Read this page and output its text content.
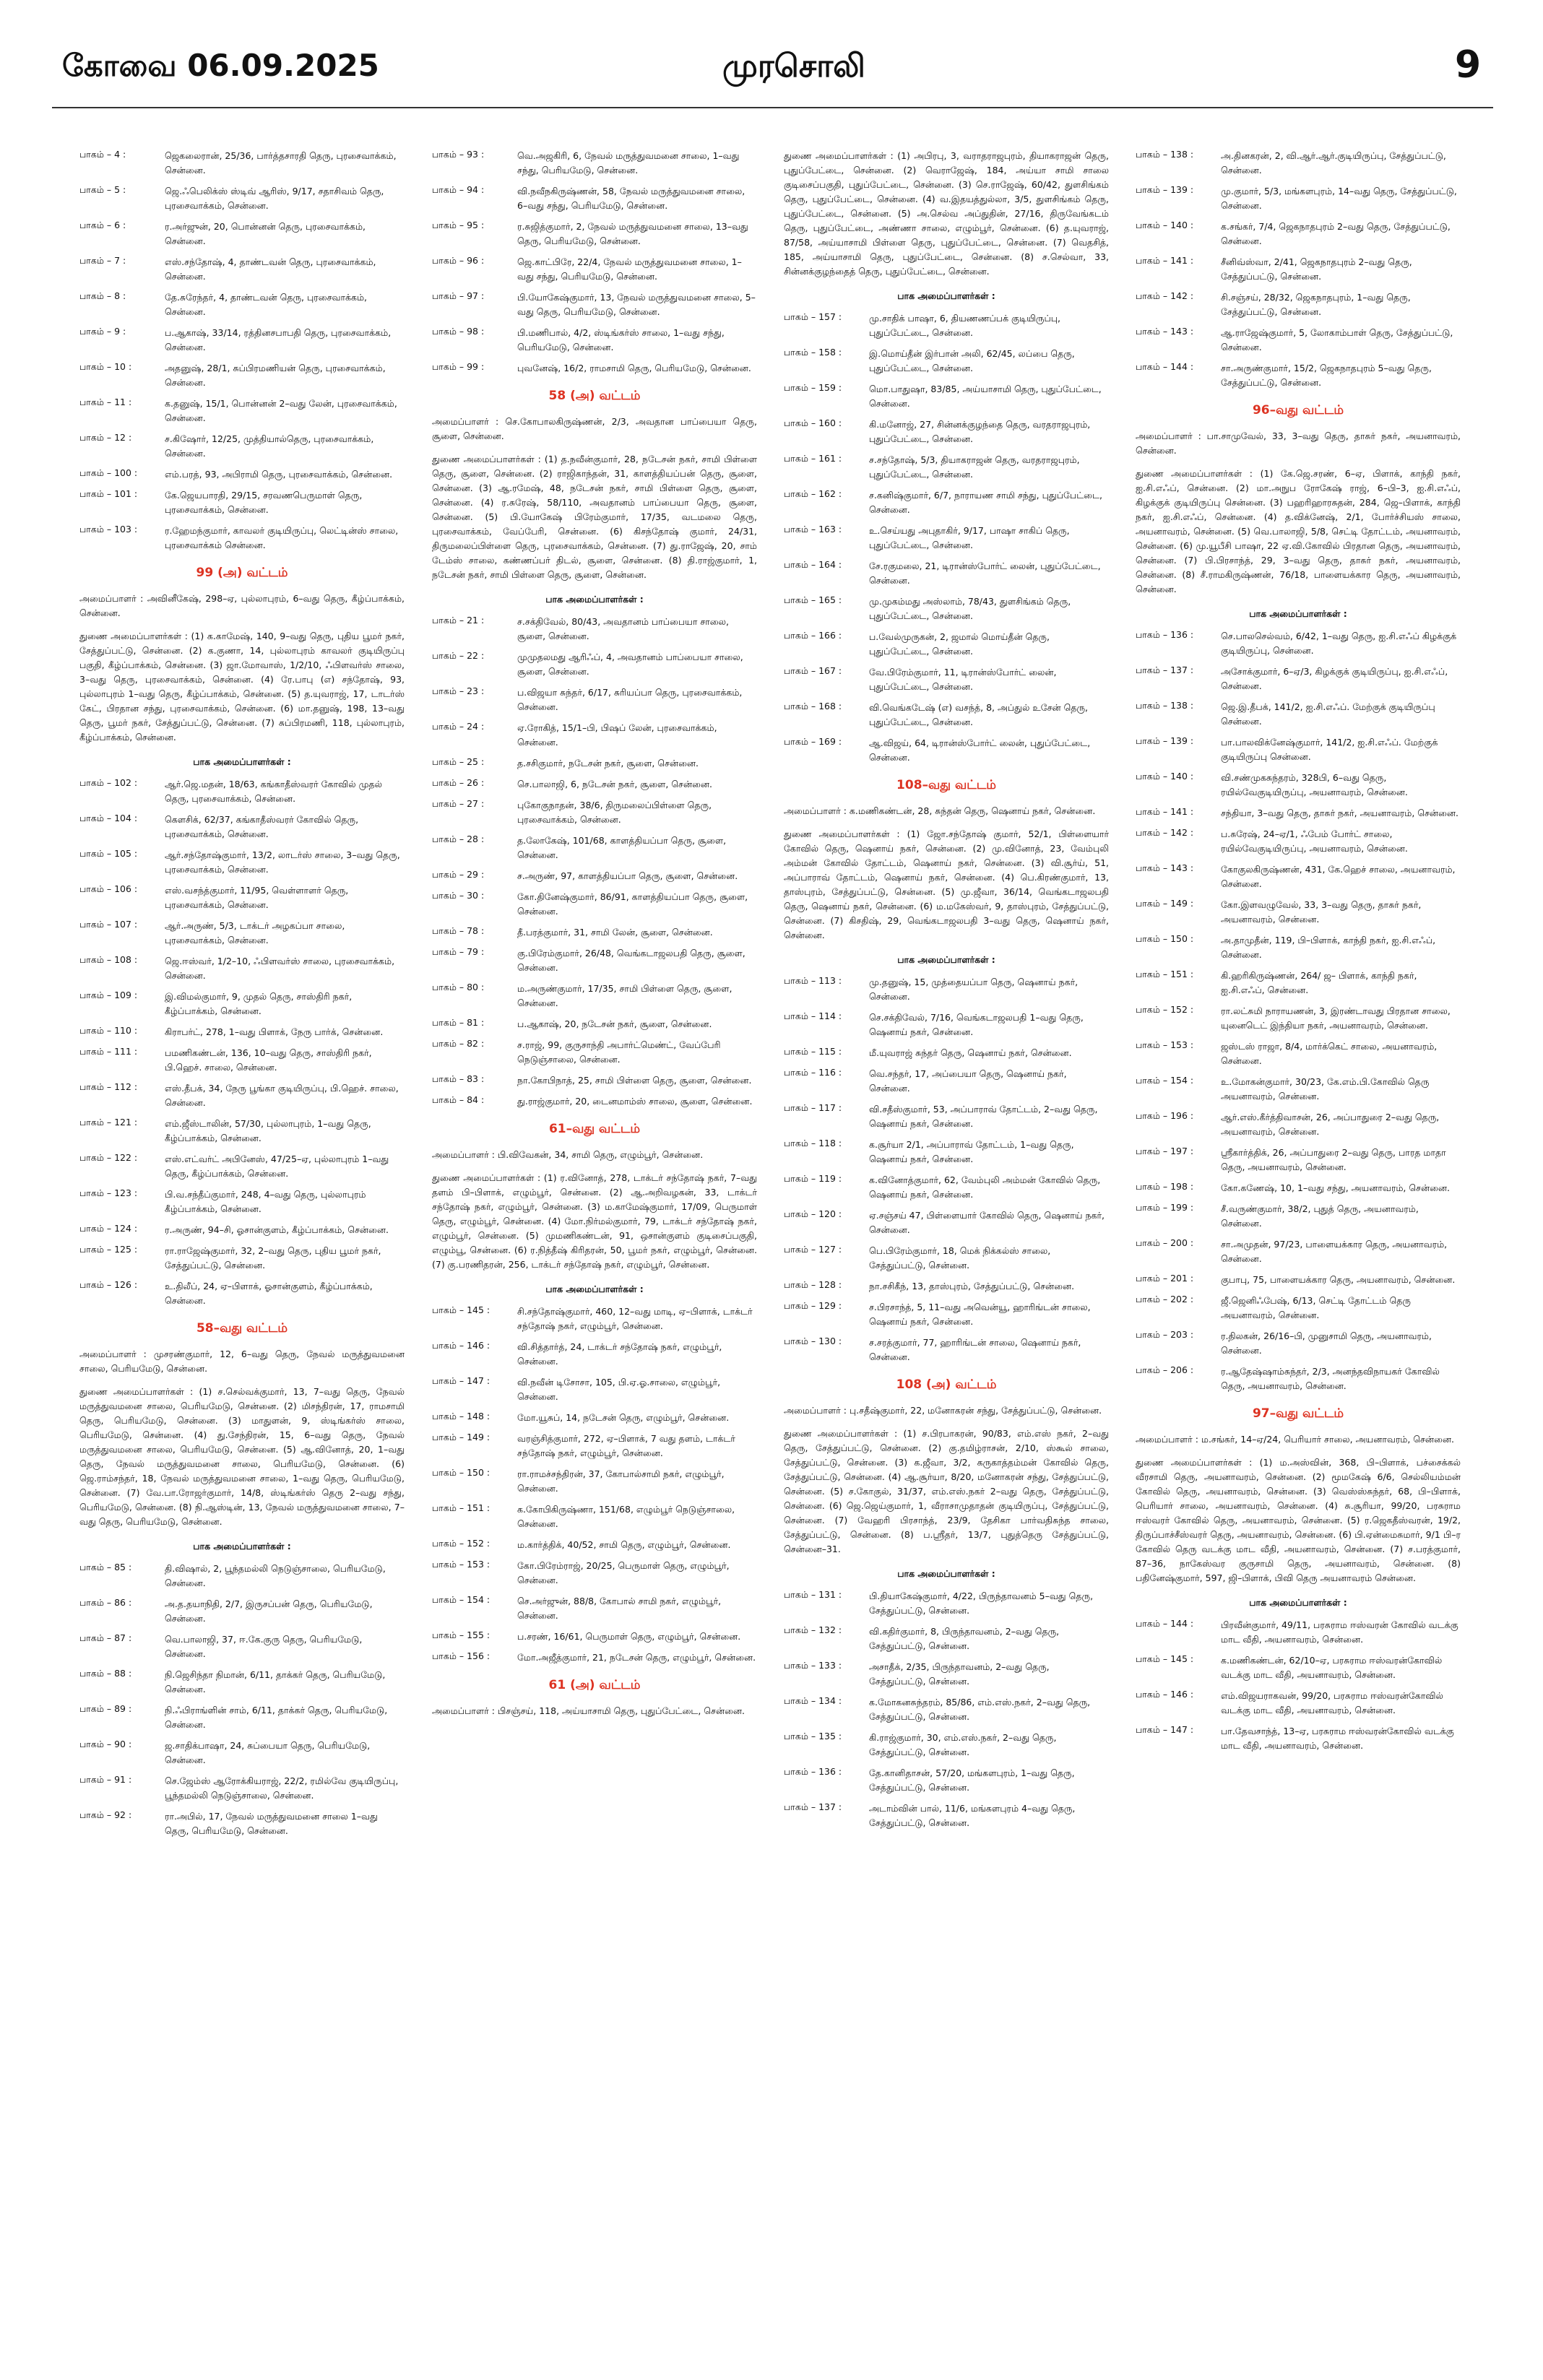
கோவை 06.09.2025	முரசொலி	9
பாகம் – 4 :	ஜெகலைரான், 25/36, பார்த்தசாரதி தெரு, புரசைவாக்கம், சென்னை.
பாகம் – 5 :	ஜெ.ஃபெலிக்ஸ் ஸ்டிவ் ஆரிஸ், 9/17, சதாசிவம் தெரு, புரசைவாக்கம், சென்னை.
பாகம் – 6 :	ர.அர்ஜுன், 20, பொன்னன் தெரு, புரசைவாக்கம், சென்னை.
பாகம் – 7 :	எஸ்.சந்தோஷ், 4, தாண்டவன் தெரு, புரசைவாக்கம், சென்னை.
பாகம் – 8 :	தே.சுரேந்தர், 4, தாண்டவன் தெரு, புரசைவாக்கம், சென்னை.
பாகம் – 9 :	ப.ஆகாஷ், 33/14, ரத்தினசபாபதி தெரு, புரசைவாக்கம், சென்னை.
பாகம் – 10 :	அதனுஷ், 28/1, சுப்பிரமணியன் தெரு, புரசைவாக்கம், சென்னை.
பாகம் – 11 :	க.தனுஷ், 15/1, பொன்னன் 2–வது லேன், புரசைவாக்கம், சென்னை.
பாகம் – 12 :	ச.கிஷோர், 12/25, முத்தியால்தெரு, புரசைவாக்கம், சென்னை.
பாகம் – 100 :	எம்.பரத், 93, அபிராமி தெரு, புரசைவாக்கம், சென்னை.
பாகம் – 101 :	கே.ஜெயபாரதி, 29/15, சரவணபெருமாள் தெரு, புரசைவாக்கம், சென்னை.
பாகம் – 103 :	ர.ஹேமந்குமார், காவலர் குடியிருப்பு, லெட்டின்ஸ் சாலை, புரசைவாக்கம் சென்னை.
99 (அ) வட்டம்
அமைப்பாளர் : அவினீகேஷ், 298–ஏ, புல்லாபுரம், 6–வது தெரு, கீழ்ப்பாக்கம், சென்னை.
துணை அமைப்பாளர்கள் : (1) க.காமேஷ், 140, 9–வது தெரு, புதிய பூமர் நகர், சேத்துப்பட்டு, சென்னை. (2) க.குணா, 14, புல்லாபுரம் காவலர் குடியிருப்பு பகுதி, கீழ்ப்பாக்கம், சென்னை. (3) ஜா.மோவாஸ், 1/2/10, ஃபிளவர்ஸ் சாலை, 3–வது தெரு, புரசைவாக்கம், சென்னை. (4) ரே.பாபு (எ) சந்தோஷ், 93, புல்லாபுரம் 1–வது தெரு, கீழ்ப்பாக்கம், சென்னை. (5) த.யுவராஜ், 17, டாடர்ஸ் கேட், பிரதான சந்து, புரசைவாக்கம், சென்னை. (6) மா.தனுஷ், 198, 13–வது தெரு, பூமர் நகர், சேத்துப்பட்டு, சென்னை. (7) சுப்பிரமணி, 118, புல்லாபுரம், கீழ்ப்பாக்கம், சென்னை.
பாக அமைப்பாளர்கள் :
பாகம் – 102 :	ஆர்.ஜெ.மதன், 18/63, கங்காதீஸ்வரர் கோவில் முதல் தெரு, புரசைவாக்கம், சென்னை.
பாகம் – 104 :	கௌசிக், 62/37, கங்காதீஸ்வரர் கோவில் தெரு, புரசைவாக்கம், சென்னை.
பாகம் – 105 :	ஆர்.சந்தோஷ்குமார், 13/2, லாடர்ஸ் சாலை, 3–வது தெரு, புரசைவாக்கம், சென்னை.
பாகம் – 106 :	எஸ்.வசந்த்குமார், 11/95, வெள்ளாளர் தெரு, புரசைவாக்கம், சென்னை.
பாகம் – 107 :	ஆர்.அருண், 5/3, டாக்டர் அழகப்பா சாலை, புரசைவாக்கம், சென்னை.
பாகம் – 108 :	ஜெ.ஈஸ்வர், 1/2–10, ஃபிளவர்ஸ் சாலை, புரசைவாக்கம், சென்னை.
பாகம் – 109 :	இ.விமல்குமார், 9, முதல் தெரு, சாஸ்திரி நகர், கீழ்ப்பாக்கம், சென்னை.
பாகம் – 110 :	கிராபர்ட், 278, 1–வது பிளாக், நேரு பார்க், சென்னை.
பாகம் – 111 :	பமணிகண்டன், 136, 10–வது தெரு, சாஸ்திரி நகர், பி.ஹெச். சாலை, சென்னை.
பாகம் – 112 :	எஸ்.தீபக், 34, நேரு பூங்கா குடியிருப்பு, பி.ஹெச். சாலை, சென்னை.
பாகம் – 121 :	எம்.ஜீஸ்டாலின், 57/30, புல்லாபுரம், 1–வது தெரு, கீழ்ப்பாக்கம், சென்னை.
பாகம் – 122 :	எஸ்.எட்வர்ட் அபினேஸ், 47/25–ஏ, புல்லாபுரம் 1–வது தெரு, கீழ்ப்பாக்கம், சென்னை.
பாகம் – 123 :	பி.வ.சந்தீப்குமார், 248, 4–வது தெரு, புல்லாபுரம் கீழ்ப்பாக்கம், சென்னை.
பாகம் – 124 :	ர.அருண், 94–சி, ஓசான்குளம், கீழ்ப்பாக்கம், சென்னை.
பாகம் – 125 :	ரா.ராஜேஷ்குமார், 32, 2–வது தெரு, புதிய பூமர் நகர், சேத்துப்பட்டு, சென்னை.
பாகம் – 126 :	உ.திலீப், 24, ஏ–பிளாக், ஓசான்குளம், கீழ்ப்பாக்கம், சென்னை.
58–வது வட்டம்
அமைப்பாளர் : முசரண்குமார், 12, 6–வது தெரு, நேவல் மருத்துவமனை சாலை, பெரியமேடு, சென்னை.
துணை அமைப்பாளர்கள் : (1) ச.செல்வக்குமார், 13, 7–வது தெரு, நேவல் மருத்துவமனை சாலை, பெரியமேடு, சென்னை. (2) மிசந்திரன், 17, ராமசாமி தெரு, பெரியமேடு, சென்னை. (3) மாதுளன், 9, ஸ்டிங்கர்ஸ் சாலை, பெரியமேடு, சென்னை. (4) து.சேந்திரன், 15, 6–வது தெரு, நேவல் மருத்துவமனை சாலை, பெரியமேடு, சென்னை. (5) ஆ.வினோத், 20, 1–வது தெரு, நேவல் மருத்துவமனை சாலை, பெரியமேடு, சென்னை. (6) ஜெ.ராம்சந்தர், 18, நேவல் மருத்துவமனை சாலை, 1–வது தெரு, பெரியமேடு, சென்னை. (7) வே.பா.ரோஜர்குமார், 14/8, ஸ்டிங்கர்ஸ் தெரு 2–வது சந்து, பெரியமேடு, சென்னை. (8) நி.ஆஸ்டின், 13, நேவல் மருத்துவமனை சாலை, 7–வது தெரு, பெரியமேடு, சென்னை.
பாக அமைப்பாளர்கள் :
பாகம் – 85 :	தி.விஷால், 2, பூந்தமல்லி நெடுஞ்சாலை, பெரியமேடு, சென்னை.
பாகம் – 86 :	அ.த.தயாநிதி, 2/7, இருசப்பன் தெரு, பெரியமேடு, சென்னை.
பாகம் – 87 :	வெ.பாலாஜி, 37, ஈ.கே.குரு தெரு, பெரியமேடு, சென்னை.
பாகம் – 88 :	நி.ஜெசிந்தா நிமான், 6/11, தாக்கர் தெரு, பெரியமேடு, சென்னை.
பாகம் – 89 :	நி.ஃபிராங்ளின் சாம், 6/11, தாக்கர் தெரு, பெரியமேடு, சென்னை.
பாகம் – 90 :	ஜ.சாதிக்பாஷா, 24, சுப்பையா தெரு, பெரியமேடு, சென்னை.
பாகம் – 91 :	செ.ஜேம்ஸ் ஆரோக்கியராஜ், 22/2, ரமில்வே குடியிருப்பு, பூந்தமல்லி நெடுஞ்சாலை, சென்னை.
பாகம் – 92 :	ரா.அபில், 17, நேவல் மருத்துவமனை சாலை 1–வது தெரு, பெரியமேடு, சென்னை.
பாகம் – 93 :	வெ.அஜகிரி, 6, நேவல் மருத்துவமனை சாலை, 1–வது சந்து, பெரியமேடு, சென்னை.
பாகம் – 94 :	வி.நவீநகிருஷ்ணன், 58, நேவல் மருத்துவமனை சாலை, 6–வது சந்து, பெரியமேடு, சென்னை.
பாகம் – 95 :	ர.சுஜித்குமார், 2, நேவல் மருத்துவமனை சாலை, 13–வது தெரு, பெரியமேடு, சென்னை.
பாகம் – 96 :	ஜெ.காட்பிரே, 22/4, நேவல் மருத்துவமனை சாலை, 1–வது சந்து, பெரியமேடு, சென்னை.
பாகம் – 97 :	பி.யோகேஷ்குமார், 13, நேவல் மருத்துவமனை சாலை, 5–வது தெரு, பெரியமேடு, சென்னை.
பாகம் – 98 :	பி.மணிபால், 4/2, ஸ்டிங்கர்ஸ் சாலை, 1–வது சந்து, பெரியமேடு, சென்னை.
பாகம் – 99 :	புவனேஷ், 16/2, ராமசாமி தெரு, பெரியமேடு, சென்னை.
58 (அ) வட்டம்
அமைப்பாளர் : செ.கோபாலகிருஷ்ணன், 2/3, அவதான பாப்பையா தெரு, சூளை, சென்னை.
துணை அமைப்பாளர்கள் : (1) த.நவீன்குமார், 28, நடேசன் நகர், சாமி பிள்ளை தெரு, சூளை, சென்னை. (2) ராஜிகாந்தன், 31, காளத்தியப்பன் தெரு, சூளை, சென்னை. (3) ஆ.ரமேஷ், 48, நடேசன் நகர், சாமி பிள்ளை தெரு, சூளை, சென்னை. (4) ர.சுரேஷ், 58/110, அவதானம் பாப்பையா தெரு, சூளை, சென்னை. (5) பி.யோகேஷ் பிரேம்குமார், 17/35, வடமலை தெரு, புரசைவாக்கம், வேப்பேரி, சென்னை. (6) கிசந்தோஷ் குமார், 24/31, திருமலைப்பிள்ளை தெரு, புரசைவாக்கம், சென்னை. (7) து.ராஜேஷ், 20, சாம் டேம்ஸ் சாலை, கண்ணப்பர் திடல், சூளை, சென்னை. (8) தி.ராஜ்குமார், 1, நடேசன் நகர், சாமி பிள்ளை தெரு, சூளை, சென்னை.
பாக அமைப்பாளர்கள் :
பாகம் – 21 :	ச.சக்திவேல், 80/43, அவதானம் பாப்பையா சாலை, சூளை, சென்னை.
பாகம் – 22 :	முமுதலமது ஆரிஃப், 4, அவதானம் பாப்பையா சாலை, சூளை, சென்னை.
பாகம் – 23 :	ப.விஜயா சுந்தர், 6/17, சுரியப்பா தெரு, புரசைவாக்கம், சென்னை.
பாகம் – 24 :	ஏ.ரோகித், 15/1–பி, பிஷப் லேன், புரசைவாக்கம், சென்னை.
பாகம் – 25 :	த.சசிகுமார், நடேசன் நகர், சூளை, சென்னை.
பாகம் – 26 :	செ.பாலாஜி, 6, நடேசன் நகர், சூளை, சென்னை.
பாகம் – 27 :	புகோகுநாதன், 38/6, திருமலைப்பிள்ளை தெரு, புரசைவாக்கம், சென்னை.
பாகம் – 28 :	த.லோகேஷ், 101/68, காளத்தியப்பா தெரு, சூளை, சென்னை.
பாகம் – 29 :	ச.அருண், 97, காளத்தியப்பா தெரு, சூளை, சென்னை.
பாகம் – 30 :	கோ.தினேஷ்குமார், 86/91, காளத்தியப்பா தெரு, சூளை, சென்னை.
பாகம் – 78 :	தீ.பரத்குமார், 31, சாமி லேன், சூளை, சென்னை.
பாகம் – 79 :	கு.பிரேம்குமார், 26/48, வெங்கடாஜலபதி தெரு, சூளை, சென்னை.
பாகம் – 80 :	ம.அருண்குமார், 17/35, சாமி பிள்ளை தெரு, சூளை, சென்னை.
பாகம் – 81 :	ப.ஆகாஷ், 20, நடேசன் நகர், சூளை, சென்னை.
பாகம் – 82 :	ச.ராஜ், 99, குருசாந்தி அபார்ட்மெண்ட், வேப்பேரி நெடுஞ்சாலை, சென்னை.
பாகம் – 83 :	நா.கோபிநாத், 25, சாமி பிள்ளை தெரு, சூளை, சென்னை.
பாகம் – 84 :	து.ராஜ்குமார், 20, டைனமாம்ஸ் சாலை, சூளை, சென்னை.
61–வது வட்டம்
அமைப்பாளர் : பி.விவேகன், 34, சாமி தெரு, எழும்பூர், சென்னை.
துணை அமைப்பாளர்கள் : (1) ர.வினோத், 278, டாக்டர் சந்தோஷ் நகர், 7–வது தளம் பி–பிளாக், எழும்பூர், சென்னை. (2) ஆ.அறிவழகன், 33, டாக்டர் சந்தோஷ் நகர், எழும்பூர், சென்னை. (3) ம.காமேஷ்குமார், 17/09, பெருமாள் தெரு, எழும்பூர், சென்னை. (4) மோ.நிர்மல்குமார், 79, டாக்டர் சந்தோஷ் நகர், எழும்பூர், சென்னை. (5) முமணிகண்டன், 91, ஒசான்குளம் குடிசைப்பகுதி, எழும்பூ, சென்னை. (6) ர.நித்தீஷ் கிரிதரன், 50, பூமர் நகர், எழும்பூர், சென்னை. (7) கு.பரணிதரன், 256, டாக்டர் சந்தோஷ் நகர், எழும்பூர், சென்னை.
பாக அமைப்பாளர்கள் :
பாகம் – 145 :	சி.சந்தோஷ்குமார், 460, 12–வது மாடி, ஏ–பிளாக், டாக்டர் சந்தோஷ் நகர், எழும்பூர், சென்னை.
பாகம் – 146 :	வி.சித்தார்த், 24, டாக்டர் சந்தோஷ் நகர், எழும்பூர், சென்னை.
பாகம் – 147 :	வி.நவீன் டிசோசா, 105, பி.ஏ.ஓ.சாலை, எழும்பூர், சென்னை.
பாகம் – 148 :	மோ.யூசுப், 14, நடேசன் தெரு, எழும்பூர், சென்னை.
பாகம் – 149 :	வரஞ்சித்குமார், 272, ஏ–பிளாக், 7 வது தளம், டாக்டர் சந்தோஷ் நகர், எழும்பூர், சென்னை.
பாகம் – 150 :	ரா.ராமச்சந்திரன், 37, கோபால்சாமி நகர், எழும்பூர், சென்னை.
பாகம் – 151 :	க.கோபிகிருஷ்ணா, 151/68, எழும்பூர் நெடுஞ்சாலை, சென்னை.
பாகம் – 152 :	ம.கார்த்திக், 40/52, சாமி தெரு, எழும்பூர், சென்னை.
பாகம் – 153 :	கோ.பிரேம்ராஜ், 20/25, பெருமாள் தெரு, எழும்பூர், சென்னை.
பாகம் – 154 :	செ.அர்ஜுன், 88/8, கோபால் சாமி நகர், எழும்பூர், சென்னை.
பாகம் – 155 :	ப.சரண், 16/61, பெருமாள் தெரு, எழும்பூர், சென்னை.
பாகம் – 156 :	மோ.அஜீத்குமார், 21, நடேசன் தெரு, எழும்பூர், சென்னை.
61 (அ) வட்டம்
அமைப்பாளர் : பிசஞ்சய், 118, அய்யாசாமி தெரு, புதுப்பேட்டை, சென்னை.
துணை அமைப்பாளர்கள் : (1) அபிரபு, 3, வராதராஜபுரம், தியாகராஜன் தெரு, புதுப்பேட்டை, சென்னை. (2) வெராஜேஷ், 184, அய்யா சாமி சாலை குடிசைப்பகுதி, புதுப்பேட்டை, சென்னை. (3) செ.ராஜேஷ், 60/42, துளசிங்கம் தெரு, புதுப்பேட்டை, சென்னை. (4) வ.இதயத்துல்லா, 3/5, துளசிங்கம் தெரு, புதுப்பேட்டை, சென்னை. (5) அ.செல்வ அப்துதின், 27/16, திருவேங்கடம் தெரு, புதுப்பேட்டை, அண்ணா சாலை, எழும்பூர், சென்னை. (6) த.யுவராஜ், 87/58, அய்யாசாமி பிள்ளை தெரு, புதுப்பேட்டை, சென்னை. (7) வெதசித், 185, அய்யாசாமி தெரு, புதுப்பேட்டை, சென்னை. (8) ச.செல்வா, 33, சின்னக்குழந்தைத் தெரு, புதுப்பேட்டை, சென்னை.
பாக அமைப்பாளர்கள் :
பாகம் – 157 :	மு.சாதிக் பாஷா, 6, தியணணப்பக் குடியிருப்பு, புதுப்பேட்டை, சென்னை.
பாகம் – 158 :	இ.மொய்தீன் இர்பான் அலி, 62/45, லப்பை தெரு, புதுப்பேட்டை, சென்னை.
பாகம் – 159 :	மொ.பாதுஷா, 83/85, அய்யாசாமி தெரு, புதுப்பேட்டை, சென்னை.
பாகம் – 160 :	கி.மனோஜ், 27, சின்னக்குழந்தை தெரு, வரதராஜபுரம், புதுப்பேட்டை, சென்னை.
பாகம் – 161 :	ச.சந்தோஷ், 5/3, தியாகராஜன் தெரு, வரதராஜபுரம், புதுப்பேட்டை, சென்னை.
பாகம் – 162 :	ச.கனிஷ்குமார், 6/7, நாராயண சாமி சந்து, புதுப்பேட்டை, சென்னை.
பாகம் – 163 :	உ.செய்யது அபுதாகிர், 9/17, பாஷா சாகிப் தெரு, புதுப்பேட்டை, சென்னை.
பாகம் – 164 :	சே.ரகுமலை, 21, டிரான்ஸ்போர்ட் லைன், புதுப்பேட்டை, சென்னை.
பாகம் – 165 :	மு.முகம்மது அஸ்லாம், 78/43, துளசிங்கம் தெரு, புதுப்பேட்டை, சென்னை.
பாகம் – 166 :	ப.வேல்முருகன், 2, ஜமால் மொய்தீன் தெரு, புதுப்பேட்டை, சென்னை.
பாகம் – 167 :	வே.பிரேம்குமார், 11, டிரான்ஸ்போர்ட் லைன், புதுப்பேட்டை, சென்னை.
பாகம் – 168 :	வி.வெங்கடேஷ் (எ) வசந்த், 8, அப்துல் உசேன் தெரு, புதுப்பேட்டை, சென்னை.
பாகம் – 169 :	ஆ.விஜய், 64, டிரான்ஸ்போர்ட் லைன், புதுப்பேட்டை, சென்னை.
108–வது வட்டம்
அமைப்பாளர் : க.மணிகண்டன், 28, சுந்தன் தெரு, ஷெனாய் நகர், சென்னை.
துணை அமைப்பாளர்கள் : (1) ஜோ.சந்தோஷ் குமார், 52/1, பிள்ளையார் கோவில் தெரு, ஷெனாய் நகர், சென்னை. (2) மு.வினோத், 23, வேம்புலி அம்மன் கோவில் தோட்டம், ஷெனாய் நகர், சென்னை. (3) வி.சூர்ய், 51, அப்பாராவ் தோட்டம், ஷெனாய் நகர், சென்னை. (4) பெ.கிரண்குமார், 13, தாஸ்புரம், சேத்துப்பட்டு, சென்னை. (5) மு.ஜீவா, 36/14, வெங்கடாஜலபதி தெரு, ஷெனாய் நகர், சென்னை. (6) ம.மகேஸ்வர், 9, தாஸ்புரம், சேத்துப்பட்டு, சென்னை. (7) கிசதிஷ், 29, வெங்கடாஜலபதி 3–வது தெரு, ஷெனாய் நகர், சென்னை.
பாக அமைப்பாளர்கள் :
பாகம் – 113 :	மு.தனுஷ், 15, முத்தையப்பா தெரு, ஷெனாய் நகர், சென்னை.
பாகம் – 114 :	செ.சக்திவேல், 7/16, வெங்கடாஜலபதி 1–வது தெரு, ஷெனாய் நகர், சென்னை.
பாகம் – 115 :	மீ.யுவராஜ் சுந்தர் தெரு, ஷெனாய் நகர், சென்னை.
பாகம் – 116 :	வெ.சந்தர், 17, அப்பையா தெரு, ஷெனாய் நகர், சென்னை.
பாகம் – 117 :	வி.சதீஸ்குமார், 53, அப்பாராவ் தோட்டம், 2–வது தெரு, ஷெனாய் நகர், சென்னை.
பாகம் – 118 :	க.சூர்யா 2/1, அப்பாராவ் தோட்டம், 1–வது தெரு, ஷெனாய் நகர், சென்னை.
பாகம் – 119 :	க.வினோத்குமார், 62, வேம்புலி அம்மன் கோவில் தெரு, ஷெனாய் நகர், சென்னை.
பாகம் – 120 :	ஏ.சஞ்சய் 47, பிள்ளையார் கோவில் தெரு, ஷெனாய் நகர், சென்னை.
பாகம் – 127 :	பெ.பிரேம்குமார், 18, மெக் நிக்கல்ஸ் சாலை, சேத்துப்பட்டு, சென்னை.
பாகம் – 128 :	நா.சசிகீந், 13, தாஸ்புரம், சேத்துப்பட்டு, சென்னை.
பாகம் – 129 :	ச.பிரசாந்த், 5, 11–வது அவென்யூ, ஹாரிங்டன் சாலை, ஷெனாய் நகர், சென்னை.
பாகம் – 130 :	ச.சரத்குமார், 77, ஹாரிங்டன் சாலை, ஷெனாய் நகர், சென்னை.
108 (அ) வட்டம்
அமைப்பாளர் : பு.சதீஷ்குமார், 22, மனோகரன் சந்து, சேத்துப்பட்டு, சென்னை.
துணை அமைப்பாளர்கள் : (1) ச.பிரபாகரன், 90/83, எம்.எஸ் நகர், 2–வது தெரு, சேத்துப்பட்டு, சென்னை. (2) கு.தமிழ்ராசன், 2/10, ஸ்கூல் சாலை, சேத்துப்பட்டு, சென்னை. (3) க.ஜீவா, 3/2, கருகாத்தம்மன் கோவில் தெரு, சேத்துப்பட்டு, சென்னை. (4) ஆ.சூர்யா, 8/20, மனோகரன் சந்து, சேத்துப்பட்டு, சென்னை. (5) ச.கோகுல், 31/37, எம்.எஸ்.நகர் 2–வது தெரு, சேத்துப்பட்டு, சென்னை. (6) ஜெ.ஜெய்குமார், 1, வீராசாமுதாதன் குடியிருப்பு, சேத்துப்பட்டு, சென்னை. (7) வேஹரி பிரசாந்த், 23/9, தேசிகா பார்வதிசுந்த சாலை, சேத்துப்பட்டு, சென்னை. (8) ப.ஸ்ரீதர், 13/7, புதுத்தெரு சேத்துப்பட்டு, சென்னை–31.
பாக அமைப்பாளர்கள் :
பாகம் – 131 :	பி.தியாகேஷ்குமார், 4/22, பிருந்தாவனம் 5–வது தெரு, சேத்துப்பட்டு, சென்னை.
பாகம் – 132 :	வி.கதிர்குமார், 8, பிருந்தாவனம், 2–வது தெரு, சேத்துப்பட்டு, சென்னை.
பாகம் – 133 :	அசாதீக், 2/35, பிருந்தாவனம், 2–வது தெரு, சேத்துப்பட்டு, சென்னை.
பாகம் – 134 :	க.மோகனசுந்தரம், 85/86, எம்.எஸ்.நகர், 2–வது தெரு, சேத்துப்பட்டு, சென்னை.
பாகம் – 135 :	கி.ராஜ்குமார், 30, எம்.எஸ்.நகர், 2–வது தெரு, சேத்துப்பட்டு, சென்னை.
பாகம் – 136 :	தே.கானிதாசன், 57/20, மங்களபுரம், 1–வது தெரு, சேத்துப்பட்டு, சென்னை.
பாகம் – 137 :	அடாம்வின் பால், 11/6, மங்களபுரம் 4–வது தெரு, சேத்துப்பட்டு, சென்னை.
பாகம் – 138 :	அ.தினகரன், 2, வி.ஆர்.ஆர்.குடியிருப்பு, சேத்துப்பட்டு, சென்னை.
பாகம் – 139 :	மு.குமார், 5/3, மங்களபுரம், 14–வது தெரு, சேத்துப்பட்டு, சென்னை.
பாகம் – 140 :	க.சங்கர், 7/4, ஜெகநாதபுரம் 2–வது தெரு, சேத்துப்பட்டு, சென்னை.
பாகம் – 141 :	சீனிவ்ஸ்வா, 2/41, ஜெகநாதபுரம் 2–வது தெரு, சேத்துப்பட்டு, சென்னை.
பாகம் – 142 :	சி.சஞ்சய், 28/32, ஜெகநாதபுரம், 1–வது தெரு, சேத்துப்பட்டு, சென்னை.
பாகம் – 143 :	ஆ.ராஜேஷ்குமார், 5, லோகாம்பாள் தெரு, சேத்துப்பட்டு, சென்னை.
பாகம் – 144 :	சா.அருண்குமார், 15/2, ஜெகநாதபுரம் 5–வது தெரு, சேத்துப்பட்டு, சென்னை.
96–வது வட்டம்
அமைப்பாளர் : பா.சாமுவேல், 33, 3–வது தெரு, தாசுர் நகர், அயனாவரம், சென்னை.
துணை அமைப்பாளர்கள் : (1) கே.ஜெ.சரண், 6–ஏ, பிளாக், காந்தி நகர், ஐ.சி.எஃப், சென்னை. (2) மா.அநுப ரோகேஷ் ராஜ், 6–பி–3, ஐ.சி.எஃப், கிழக்குக் குடியிருப்பு சென்னை. (3) பஹரிஹாரசுதன், 284, ஜெ–பிளாக், காந்தி நகர், ஐ.சி.எஃப், சென்னை. (4) த.விக்னேஷ், 2/1, போர்ச்சியஸ் சாலை, அயனாவரம், சென்னை. (5) வெ.பாலாஜி, 5/8, செட்டி தோட்டம், அயனாவரம், சென்னை. (6) மு.யூபீசி பாஷா, 22 ஏ.வி.கோவில் பிரதான தெரு, அயனாவரம், சென்னை. (7) பி.பிரசாந்த், 29, 3–வது தெரு, தாசுர் நகர், அயனாவரம், சென்னை. (8) சீ.ராமகிருஷ்ணன், 76/18, பாளையக்கார தெரு, அயனாவரம், சென்னை.
பாக அமைப்பாளர்கள் :
பாகம் – 136 :	செ.பாலசெல்வம், 6/42, 1–வது தெரு, ஐ.சி.எஃப் கிழக்குக் குடியிருப்பு, சென்னை.
பாகம் – 137 :	அசோக்குமார், 6–ஏ/3, கிழக்குக் குடியிருப்பு, ஐ.சி.எஃப், சென்னை.
பாகம் – 138 :	ஜெ.இ.தீபக், 141/2, ஐ.சி.எஃப். மேற்குக் குடியிருப்பு சென்னை.
பாகம் – 139 :	பா.பாலவிக்னேஷ்குமார், 141/2, ஐ.சி.எஃப். மேற்குக் குடியிருப்பு சென்னை.
பாகம் – 140 :	வி.சண்முகசுந்தரம், 328பி, 6–வது தெரு, ரயில்வேகுடியிருப்பு, அயனாவரம், சென்னை.
பாகம் – 141 :	சந்தியா, 3–வது தெரு, தாசுர் நகர், அயனாவரம், சென்னை.
பாகம் – 142 :	ப.சுரேஷ், 24–ஏ/1, ஃபேம் போர்ட் சாலை, ரயில்வேகுடியிருப்பு, அயனாவரம், சென்னை.
பாகம் – 143 :	கோகுலகிருஷ்ணன், 431, கே.ஹெச் சாலை, அயனாவரம், சென்னை.
பாகம் – 149 :	கோ.இளவழுவேல், 33, 3–வது தெரு, தாசுர் நகர், அயனாவரம், சென்னை.
பாகம் – 150 :	அ.தாமுதீன், 119, பி–பிளாக், காந்தி நகர், ஐ.சி.எஃப், சென்னை.
பாகம் – 151 :	கி.ஹரிகிருஷ்ணன், 264/ ஜ– பிளாக், காந்தி நகர், ஐ.சி.எஃப், சென்னை.
பாகம் – 152 :	ரா.லட்சுமி நாராயணன், 3, இரண்டாவது பிரதான சாலை, யுனைடெட் இந்தியா நகர், அயனாவரம், சென்னை.
பாகம் – 153 :	ஜஸ்டஸ் ராஜா, 8/4, மார்க்கெட் சாலை, அயனாவரம், சென்னை.
பாகம் – 154 :	உ.மோகன்குமார், 30/23, கே.எம்.பி.கோவில் தெரு அயனாவரம், சென்னை.
பாகம் – 196 :	ஆர்.எஸ்.கீர்த்திவாசன், 26, அப்பாதுரை 2–வது தெரு, அயனாவரம், சென்னை.
பாகம் – 197 :	ஸ்ரீகார்த்திக், 26, அப்பாதுரை 2–வது தெரு, பாரத மாதா தெரு, அயனாவரம், சென்னை.
பாகம் – 198 :	கோ.கணேஷ், 10, 1–வது சந்து, அயனாவரம், சென்னை.
பாகம் – 199 :	சீ.வருண்குமார், 38/2, புதுத் தெரு, அயனாவரம், சென்னை.
பாகம் – 200 :	சா.அமுதன், 97/23, பாளையக்கார தெரு, அயனாவரம், சென்னை.
பாகம் – 201 :	குபாபு, 75, பாளையக்கார தெரு, அயனாவரம், சென்னை.
பாகம் – 202 :	ஜீ.ஜெனிஃபேஷ், 6/13, செட்டி தோட்டம் தெரு அயனாவரம், சென்னை.
பாகம் – 203 :	ர.திலகன், 26/16–பி, முனுசாமி தெரு, அயனாவரம், சென்னை.
பாகம் – 206 :	ர.ஆதேஷ்ஷாம்சுந்தர், 2/3, அனந்தவிநாயகர் கோவில் தெரு, அயனாவரம், சென்னை.
97–வது வட்டம்
அமைப்பாளர் : ம.சங்கர், 14–ஏ/24, பெரியார் சாலை, அயனாவரம், சென்னை.
துணை அமைப்பாளர்கள் : (1) ம.அஸ்வின், 368, பி–பிளாக், பச்சைக்கல் வீரசாமி தெரு, அயனாவரம், சென்னை. (2) மூமகேஷ் 6/6, செல்லியம்மன் கோவில் தெரு, அயனாவரம், சென்னை. (3) வெஸ்ஸ்சுந்தர், 68, பி–பிளாக், பெரியார் சாலை, அயனாவரம், சென்னை. (4) சு.சூரியா, 99/20, பரசுராம ஈஸ்வரர் கோவில் தெரு, அயனாவரம், சென்னை. (5) ர.ஜெகதீஸ்வரன், 19/2, திருப்பாச்சீஸ்வரர் தெரு, அயனாவரம், சென்னை. (6) பி.ஏன்மைசுமார், 9/1 பி–ர கோவில் தெரு வடக்கு மாட வீதி, அயனாவரம், சென்னை. (7) ச.பரத்குமார், 87–36, நாகேஸ்வர குருசாமி தெரு, அயனாவரம், சென்னை. (8) பதினேஷ்குமார், 597, ஜி–பிளாக், பிவி தெரு அயனாவரம் சென்னை.
பாக அமைப்பாளர்கள் :
பாகம் – 144 :	பிரவீன்குமார், 49/11, பரசுராம ஈஸ்வரன் கோவில் வடக்கு மாட வீதி, அயனாவரம், சென்னை.
பாகம் – 145 :	க.மணிகண்டன், 62/10–ஏ, பரசுராம ஈஸ்வரன்கோவில் வடக்கு மாட வீதி, அயனாவரம், சென்னை.
பாகம் – 146 :	எம்.விஜயராகவன், 99/20, பரசுராம ஈஸ்வரன்கோவில் வடக்கு மாட வீதி, அயனாவரம், சென்னை.
பாகம் – 147 :	பா.தேவசாந்த், 13–ஏ, பரசுராம ஈஸ்வரன்கோவில் வடக்கு மாட வீதி, அயனாவரம், சென்னை.
